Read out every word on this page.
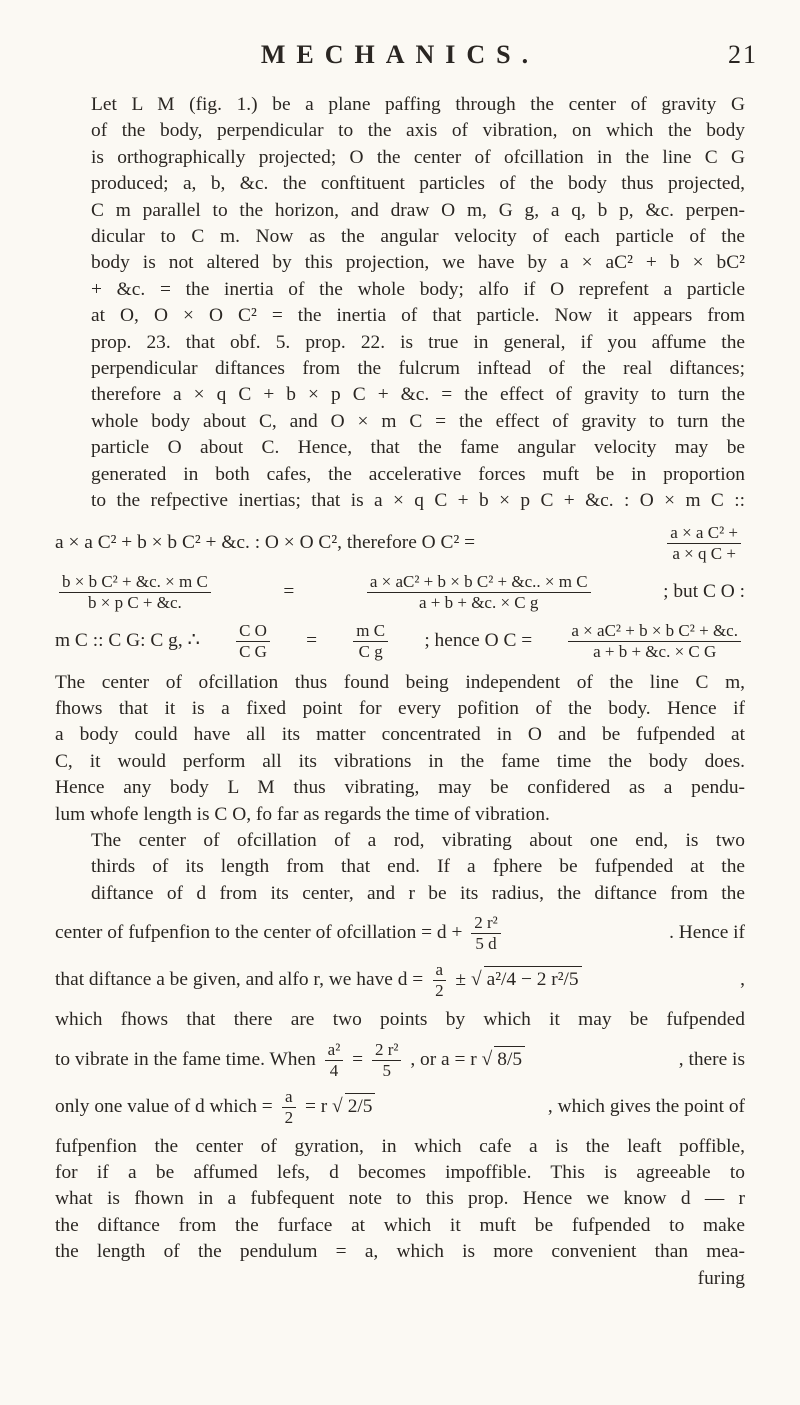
MECHANICS.	21

Let L M (fig. 1.) be a plane paffing through the center of gravity G
of the body, perpendicular to the axis of vibration, on which the body
is orthographically projected; O the center of ofcillation in the line C G
produced; a, b, &c. the conftituent particles of the body thus projected,
C m parallel to the horizon, and draw O m, G g, a q, b p, &c. perpen-
dicular to C m. Now as the angular velocity of each particle of the
body is not altered by this projection, we have by a × aC² + b × bC²
+ &c. = the inertia of the whole body; alfo if O reprefent a particle
at O, O × O C² = the inertia of that particle. Now it appears from
prop. 23. that obf. 5. prop. 22. is true in general, if you affume the
perpendicular diftances from the fulcrum inftead of the real diftances;
therefore a × q C + b × p C + &c. = the effect of gravity to turn the
whole body about C, and O × m C = the effect of gravity to turn the
particle O about C. Hence, that the fame angular velocity may be
generated in both cafes, the accelerative forces muft be in proportion
to the refpective inertias; that is a × q C + b × p C + &c. : O × m C ::

a × a C² + b × b C² + &c. : O × O C², therefore O C² =	$\frac{\text{a × a C² +}}{\text{a × q C +}}$
$\frac{\text{b × b C² + \&c. × m C}}{\text{b × p C + \&c.}}$	=	$\frac{\text{a × aC² + b × b C² + \&c.. × m C}}{\text{a + b + \&c. × C g}}$	; but C O :
m C :: C G: C g, ∴ $\frac{\text{C O}}{\text{C G}} = \frac{\text{m C}}{\text{C g}}$ ; hence O $C = \frac{\text{a × aC² + b × b C² + \&c.}}{\text{a + b + \&c. × C G}}$

The center of ofcillation thus found being independent of the line C m,
fhows that it is a fixed point for every pofition of the body. Hence if
a body could have all its matter concentrated in O and be fufpended at
C, it would perform all its vibrations in the fame time the body does.
Hence any body L M thus vibrating, may be confidered as a pendu-
lum whofe length is C O, fo far as regards the time of vibration.

The center of ofcillation of a rod, vibrating about one end, is two
thirds of its length from that end. If a fphere be fufpended at the
diftance of d from its center, and r be its radius, the diftance from the

center of fufpenfion to the center of ofcillation = $d + \frac{\text{2 r²}}{5 d}$	. Hence if
that diftance a be given, and alfo r, we have $d = \frac{a}{2}$ ± √ a²/4 − 2 r²/5	,

which fhows that there are two points by which it may be fufpended

to vibrate in the fame time. When $\frac{\text{a²}}{4} = \frac{\text{2 r²}}{5}$ , or a = r √ 8/5	, there is
only one value of d which = $\frac{a}{2} = r$ √ 2/5	, which gives the point of

fufpenfion the center of gyration, in which cafe a is the leaft poffible,
for if a be affumed lefs, d becomes impoffible. This is agreeable to
what is fhown in a fubfequent note to this prop. Hence we know d — r
the diftance from the furface at which it muft be fufpended to make
the length of the pendulum = a, which is more convenient than mea-

furing
